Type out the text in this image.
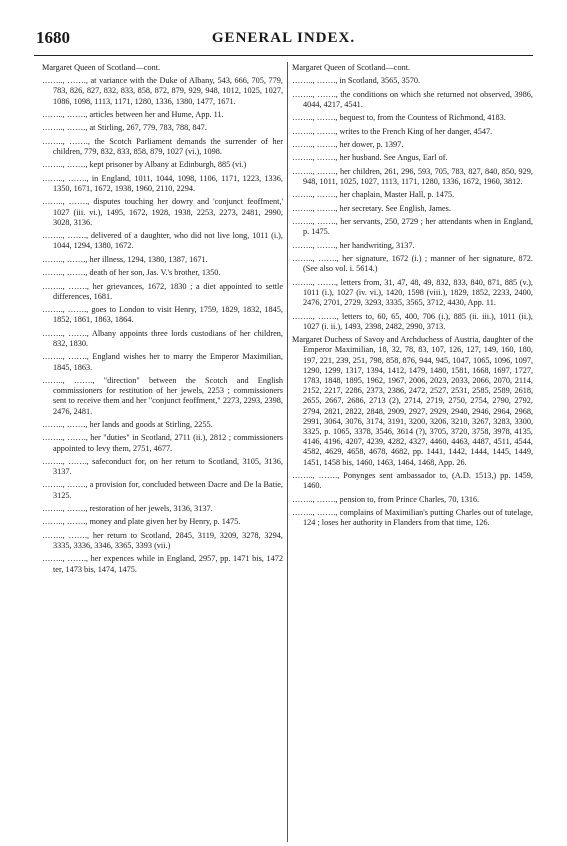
1680	GENERAL INDEX.
Margaret Queen of Scotland—cont.

…….., ……., at variance with the Duke of Albany, 543, 666, 705, 779, 783, 826, 827, 832, 833, 858, 872, 879, 929, 948, 1012, 1025, 1027, 1086, 1098, 1113, 1171, 1280, 1336, 1380, 1477, 1671.

…….., ……., articles between her and Hume, App. 11.

…….., ……., at Stirling, 267, 779, 783, 788, 847.

…….., ……., the Scotch Parliament demands the surrender of her children, 779, 832, 833, 858, 879, 1027 (vi.), 1098.

…….., ……., kept prisoner by Albany at Edinburgh, 885 (vi.)

…….., ……., in England, 1011, 1044, 1098, 1106, 1171, 1223, 1336, 1350, 1671, 1672, 1938, 1960, 2110, 2294.

…….., ……., disputes touching her dowry and 'conjunct feoffment,' 1027 (iii. vi.), 1495, 1672, 1928, 1938, 2253, 2273, 2481, 2990, 3028, 3136.

…….., ……., delivered of a daughter, who did not live long, 1011 (i.), 1044, 1294, 1380, 1672.

…….., ……., her illness, 1294, 1380, 1387, 1671.

…….., ……., death of her son, Jas. V.'s brother, 1350.

…….., ……., her grievances, 1672, 1830 ; a diet appointed to settle differences, 1681.

…….., ……., goes to London to visit Henry, 1759, 1829, 1832, 1845, 1852, 1861, 1863, 1864.

…….., ……., Albany appoints three lords custodians of her children, 832, 1830.

…….., ……., England wishes her to marry the Emperor Maximilian, 1845, 1863.

…….., ……., "direction" between the Scotch and English commissioners for restitution of her jewels, 2253 ; commissioners sent to receive them and her "conjunct feoffment," 2273, 2293, 2398, 2476, 2481.

…….., ……., her lands and goods at Stirling, 2255.

…….., ……., her "duties" in Scotland, 2711 (ii.), 2812 ; commissioners appointed to levy them, 2751, 4677.

…….., ……., safeconduct for, on her return to Scotland, 3105, 3136, 3137.

…….., ……., a provision for, concluded between Dacre and De la Batie, 3125.

…….., ……., restoration of her jewels, 3136, 3137.

…….., ……., money and plate given her by Henry, p. 1475.

…….., ……., her return to Scotland, 2845, 3119, 3209, 3278, 3294, 3335, 3336, 3346, 3365, 3393 (vii.)

…….., ……., her expences while in England, 2957, pp. 1471 bis, 1472 ter, 1473 bis, 1474, 1475.

Margaret Queen of Scotland—cont.

…….., ……., in Scotland, 3565, 3570.

…….., ……., the conditions on which she returned not observed, 3986, 4044, 4217, 4541.

…….., ……., bequest to, from the Countess of Richmond, 4183.

…….., ……., writes to the French King of her danger, 4547.

…….., ……., her dower, p. 1397.

…….., ……., her husband. See Angus, Earl of.

…….., ……., her children, 261, 296, 593, 705, 783, 827, 840, 850, 929, 948, 1011, 1025, 1027, 1113, 1171, 1280, 1336, 1672, 1960, 3812.

…….., ……., her chaplain, Master Hall, p. 1475.

…….., ……., her secretary. See English, James.

…….., ……., her servants, 250, 2729 ; her attendants when in England, p. 1475.

…….., ……., her handwriting, 3137.

…….., ……., her signature, 1672 (i.) ; manner of her signature, 872. (See also vol. i. 5614.)

…….., ……., letters from, 31, 47, 48, 49, 832, 833, 840, 871, 885 (v.), 1011 (i.), 1027 (iv. vi.), 1420, 1598 (viii.), 1829, 1852, 2233, 2400, 2476, 2701, 2729, 3293, 3335, 3565, 3712, 4430, App. 11.

…….., ……., letters to, 60, 65, 400, 706 (i.), 885 (ii. iii.), 1011 (ii.), 1027 (i. ii.), 1493, 2398, 2482, 2990, 3713.

Margaret Duchess of Savoy and Archduchess of Austria, daughter of the Emperor Maximilian, 18, 32, 78, 83, 107, 126, 127, 149, 160, 180, 197, 221, 239, 251, 798, 858, 876, 944, 945, 1047, 1065, 1096, 1097, 1290, 1299, 1317, 1394, 1412, 1479, 1480, 1581, 1668, 1697, 1727, 1783, 1848, 1895, 1962, 1967, 2006, 2023, 2033, 2066, 2070, 2114, 2152, 2217, 2286, 2373, 2386, 2472, 2527, 2531, 2585, 2589, 2618, 2655, 2667, 2686, 2713 (2), 2714, 2719, 2750, 2754, 2790, 2792, 2794, 2821, 2822, 2848, 2909, 2927, 2929, 2940, 2946, 2964, 2968, 2991, 3064, 3076, 3174, 3191, 3200, 3206, 3210, 3267, 3283, 3300, 3325, p. 1065, 3378, 3546, 3614 (?), 3705, 3720, 3758, 3978, 4135, 4146, 4196, 4207, 4239, 4282, 4327, 4460, 4463, 4487, 4511, 4544, 4582, 4629, 4658, 4678, 4682, pp. 1441, 1442, 1444, 1445, 1449, 1451, 1458 bis, 1460, 1463, 1464, 1468, App. 26.

…….., ……., Ponynges sent ambassador to, (A.D. 1513,) pp. 1459, 1460.

…….., ……., pension to, from Prince Charles, 70, 1316.

…….., ……., complains of Maximilian's putting Charles out of tutelage, 124 ; loses her authority in Flanders from that time, 126.
